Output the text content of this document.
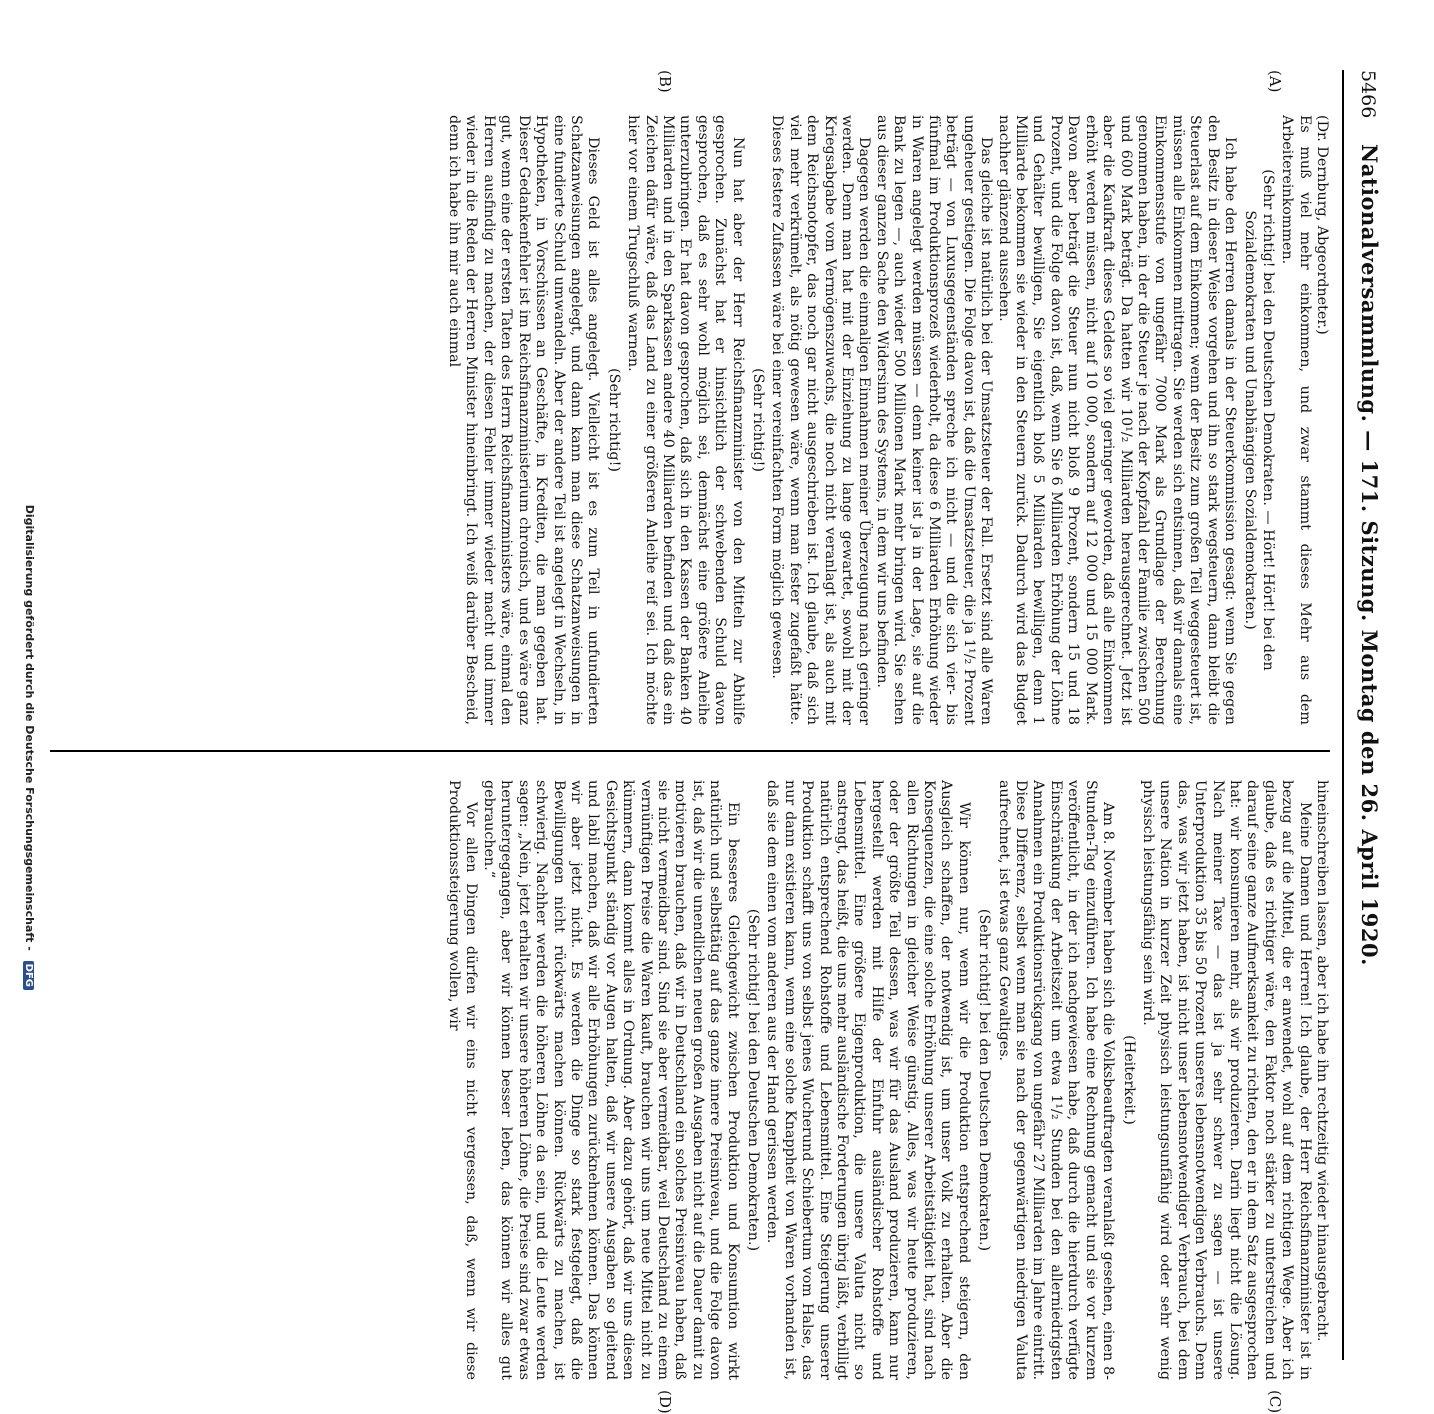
5466
Nationalversammlung. — 171. Sitzung. Montag den 26. April 1920.
(A)
(B)

(Dr. Dernburg, Abgeordneter.)

Es muß viel mehr einkommen, und zwar stammt dieses Mehr aus dem Arbeitereinkommen.

(Sehr richtig! bei den Deutschen Demokraten. — Hört! Hört! bei den Sozialdemokraten und Unabhängigen Sozialdemokraten.)

Ich habe den Herren damals in der Steuerkommission gesagt: wenn Sie gegen den Besitz in dieser Weise vorgehen und ihn so stark wegsteuern, dann bleibt die Steuerlast auf dem Einkommen; wenn der Besitz zum großen Teil weggesteuert ist, müssen alle Einkommen mittragen. Sie werden sich entsinnen, daß wir damals eine Einkommensstufe von ungefähr 7000 Mark als Grundlage der Berechnung genommen haben, in der die Steuer je nach der Kopfzahl der Familie zwischen 500 und 600 Mark beträgt. Da hatten wir 10¹/₂ Milliarden herausgerechnet. Jetzt ist aber die Kaufkraft dieses Geldes so viel geringer geworden, daß alle Einkommen erhöht werden müssen, nicht auf 10 000, sondern auf 12 000 und 15 000 Mark. Davon aber beträgt die Steuer nun nicht bloß 9 Prozent, sondern 15 und 18 Prozent, und die Folge davon ist, daß, wenn Sie 6 Milliarden Erhöhung der Löhne und Gehälter bewilligen, Sie eigentlich bloß 5 Milliarden bewilligen, denn 1 Milliarde bekommen sie wieder in den Steuern zurück. Dadurch wird das Budget nachher glänzend aussehen.

Das gleiche ist natürlich bei der Umsatzsteuer der Fall. Ersetzt sind alle Waren ungeheuer gestiegen. Die Folge davon ist, daß die Umsatzsteuer, die ja 1¹/₂ Prozent beträgt — von Luxusgegenständen spreche ich nicht — und die sich vier- bis fünfmal im Produktionsprozeß wiederholt, da diese 6 Milliarden Erhöhung wieder in Waren angelegt werden müssen — denn keiner ist ja in der Lage, sie auf die Bank zu legen —, auch wieder 500 Millionen Mark mehr bringen wird. Sie sehen aus dieser ganzen Sache den Widersinn des Systems, in dem wir uns befinden.

Dagegen werden die einmaligen Einnahmen meiner Überzeugung nach geringer werden. Denn man hat mit der Einziehung zu lange gewartet, sowohl mit der Kriegsabgabe vom Vermögenszuwachs, die noch nicht veranlagt ist, als auch mit dem Reichsnotopfer, das noch gar nicht ausgeschrieben ist. Ich glaube, daß sich viel mehr verkrümelt, als nötig gewesen wäre, wenn man fester zugefaßt hätte. Dieses festere Zufassen wäre bei einer vereinfachten Form möglich gewesen.

(Sehr richtig!)

Nun hat aber der Herr Reichsfinanzminister von den Mitteln zur Abhilfe gesprochen. Zunächst hat er hinsichtlich der schwebenden Schuld davon gesprochen, daß es sehr wohl möglich sei, demnächst eine größere Anleihe unterzubringen. Er hat davon gesprochen, daß sich in den Kassen der Banken 40 Milliarden und in den Sparkassen andere 40 Milliarden befinden und daß das ein Zeichen dafür wäre, daß das Land zu einer größeren Anleihe reif sei. Ich möchte hier vor einem Trugschluß warnen.

(Sehr richtig!)

Dieses Geld ist alles angelegt. Vielleicht ist es zum Teil in unfundierten Schatzanweisungen angelegt, und dann kann man diese Schatzanweisungen in eine fundierte Schuld umwandeln. Aber der andere Teil ist angelegt in Wechseln, in Hypotheken, in Vorschüssen an Geschäfte, in Krediten, die man gegeben hat. Dieser Gedankenfehler ist im Reichsfinanzministerium chronisch, und es wäre ganz gut, wenn eine der ersten Taten des Herrn Reichsfinanzministers wäre, einmal den Herren ausfindig zu machen, der diesen Fehler immer wieder macht und immer wieder in die Reden der Herren Minister hineinbringt. Ich weiß darüber Bescheid, denn ich habe ihn mir auch einmal

hineinschreiben lassen, aber ich habe ihn rechtzeitig wieder hinausgebracht.

Meine Damen und Herren! Ich glaube, der Herr Reichsfinanzminister ist in bezug auf die Mittel, die er anwendet, wohl auf dem richtigen Wege. Aber ich glaube, daß es richtiger wäre, den Faktor noch stärker zu unterstreichen und darauf seine ganze Aufmerksamkeit zu richten, den er in dem Satz ausgesprochen hat: wir konsumieren mehr, als wir produzieren. Darin liegt nicht die Lösung. Nach meiner Taxe — das ist ja sehr schwer zu sagen — ist unsere Unterproduktion 35 bis 50 Prozent unseres lebensnotwendigen Verbrauchs. Denn das, was wir jetzt haben, ist nicht unser lebensnotwendiger Verbrauch, bei dem unsere Nation in kurzer Zeit physisch leistungsunfähig wird oder sehr wenig physisch leistungsfähig sein wird.

(Heiterkeit.)

Am 8. November haben sich die Volksbeauftragten veranlaßt gesehen, einen 8-Stunden-Tag einzuführen. Ich habe eine Rechnung gemacht und sie vor kurzem veröffentlicht, in der ich nachgewiesen habe, daß durch die hierdurch verfügte Einschränkung der Arbeitszeit um etwa 1¹/₂ Stunden bei den allerniedrigsten Annahmen ein Produktionsrückgang von ungefähr 27 Milliarden im Jahre eintritt. Diese Differenz, selbst wenn man sie nach der gegenwärtigen niedrigen Valuta aufrechnet, ist etwas ganz Gewaltiges.

(Sehr richtig! bei den Deutschen Demokraten.)

Wir können nur, wenn wir die Produktion entsprechend steigern, den Ausgleich schaffen, der notwendig ist, um unser Volk zu erhalten. Aber die Konsequenzen, die eine solche Erhöhung unserer Arbeitstätigkeit hat, sind nach allen Richtungen in gleicher Weise günstig. Alles, was wir heute produzieren, oder der größte Teil dessen, was wir für das Ausland produzieren, kann nur hergestellt werden mit Hilfe der Einfuhr ausländischer Rohstoffe und Lebensmittel. Eine größere Eigenproduktion, die unsere Valuta nicht so anstrengt, das heißt, die uns mehr ausländische Forderungen übrig läßt, verbilligt natürlich entsprechend Rohstoffe und Lebensmittel. Eine Steigerung unserer Produktion schafft uns von selbst jenes Wucherund Schiebertum vom Halse, das nur dann existieren kann, wenn eine solche Knappheit von Waren vorhanden ist, daß sie dem einen vom anderen aus der Hand gerissen werden.

(Sehr richtig! bei den Deutschen Demokraten.)

Ein besseres Gleichgewicht zwischen Produktion und Konsumtion wirkt natürlich und selbsttätig auf das ganze innere Preisniveau, und die Folge davon ist, daß wir die unendlichen neuen großen Ausgaben nicht auf die Dauer damit zu motivieren brauchen, daß wir in Deutschland ein solches Preisniveau haben, daß sie nicht vermeidbar sind. Sind sie aber vermeidbar, weil Deutschland zu einem vernünftigen Preise die Waren kauft, brauchen wir uns um neue Mittel nicht zu kümmern, dann kommt alles in Ordnung. Aber dazu gehört, daß wir uns diesen Gesichtspunkt ständig vor Augen halten, daß wir unsere Ausgaben so gleitend und labil machen, daß wir alle Erhöhungen zurücknehmen können. Das können wir aber jetzt nicht. Es werden die Dinge so stark festgelegt, daß die Bewilligungen nicht rückwärts machen können. Rückwärts zu machen, ist schwierig. Nachher werden die höheren Löhne da sein, und die Leute werden sagen: „Nein, jetzt erhalten wir unsere höheren Löhne, die Preise sind zwar etwas heruntergegangen, aber wir können besser leben, das können wir alles gut gebrauchen.“

Vor allen Dingen dürfen wir eins nicht vergessen, daß, wenn wir diese Produktionssteigerung wollen, wir

(C)
(D)
Digitalisierung gefördert durch die Deutsche Forschungsgemeinschaft - DFG
